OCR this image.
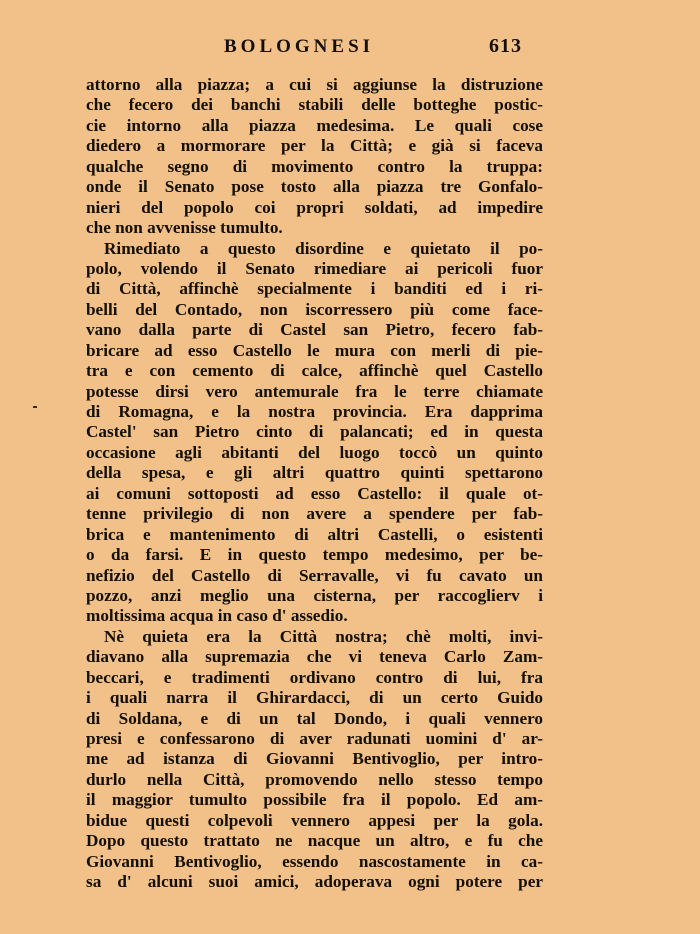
BOLOGNESI	613
attorno alla piazza; a cui si aggiunse la distruzione
che fecero dei banchi stabili delle botteghe postic-
cie intorno alla piazza medesima. Le quali cose
diedero a mormorare per la Città; e già si faceva
qualche segno di movimento contro la truppa:
onde il Senato pose tosto alla piazza tre Gonfalo-
nieri del popolo coi propri soldati, ad impedire
che non avvenisse tumulto.
Rimediato a questo disordine e quietato il po-
polo, volendo il Senato rimediare ai pericoli fuor
di Città, affinchè specialmente i banditi ed i ri-
belli del Contado, non iscorressero più come face-
vano dalla parte di Castel san Pietro, fecero fab-
bricare ad esso Castello le mura con merli di pie-
tra e con cemento di calce, affinchè quel Castello
potesse dirsi vero antemurale fra le terre chiamate
di Romagna, e la nostra provincia. Era dapprima
Castel' san Pietro cinto di palancati; ed in questa
occasione agli abitanti del luogo toccò un quinto
della spesa, e gli altri quattro quinti spettarono
ai comuni sottoposti ad esso Castello: il quale ot-
tenne privilegio di non avere a spendere per fab-
brica e mantenimento di altri Castelli, o esistenti
o da farsi. E in questo tempo medesimo, per be-
nefizio del Castello di Serravalle, vi fu cavato un
pozzo, anzi meglio una cisterna, per raccoglierv i
moltissima acqua in caso d' assedio.
Nè quieta era la Città nostra; chè molti, invi-
diavano alla supremazia che vi teneva Carlo Zam-
beccari, e tradimenti ordivano contro di lui, fra
i quali narra il Ghirardacci, di un certo Guido
di Soldana, e di un tal Dondo, i quali vennero
presi e confessarono di aver radunati uomini d' ar-
me ad istanza di Giovanni Bentivoglio, per intro-
durlo nella Città, promovendo nello stesso tempo
il maggior tumulto possibile fra il popolo. Ed am-
bidue questi colpevoli vennero appesi per la gola.
Dopo questo trattato ne nacque un altro, e fu che
Giovanni Bentivoglio, essendo nascostamente in ca-
sa d' alcuni suoi amici, adoperava ogni potere per
